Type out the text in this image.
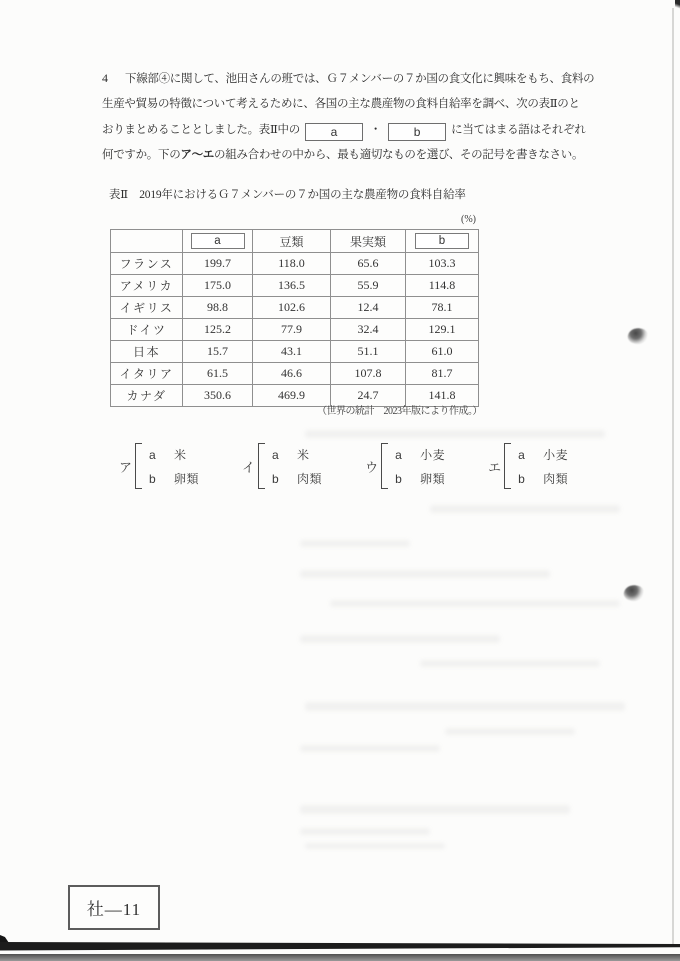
4 下線部④に関して、池田さんの班では、Ｇ７メンバーの７か国の食文化に興味をもち、食料の
生産や貿易の特徴について考えるために、各国の主な農産物の食料自給率を調べ、次の表Ⅱのと
おりまとめることとしました。表Ⅱ中の	a	・	b	に当てはまる語はそれぞれ
何ですか。下のア～エの組み合わせの中から、最も適切なものを選び、その記号を書きなさい。
表Ⅱ　2019年におけるＧ７メンバーの７か国の主な農産物の食料自給率
(%)
	a	豆類	果実類	b
フランス	199.7	118.0	65.6	103.3
アメリカ	175.0	136.5	55.9	114.8
イギリス	98.8	102.6	12.4	78.1
ドイツ	125.2	77.9	32.4	129.1
日本	15.7	43.1	51.1	61.0
イタリア	61.5	46.6	107.8	81.7
カナダ	350.6	469.9	24.7	141.8
（世界の統計　2023年版により作成。）
ア
a	米
b	卵類
イ
a	米
b	肉類
ウ
a	小麦
b	卵類
エ
a	小麦
b	肉類
社―11
